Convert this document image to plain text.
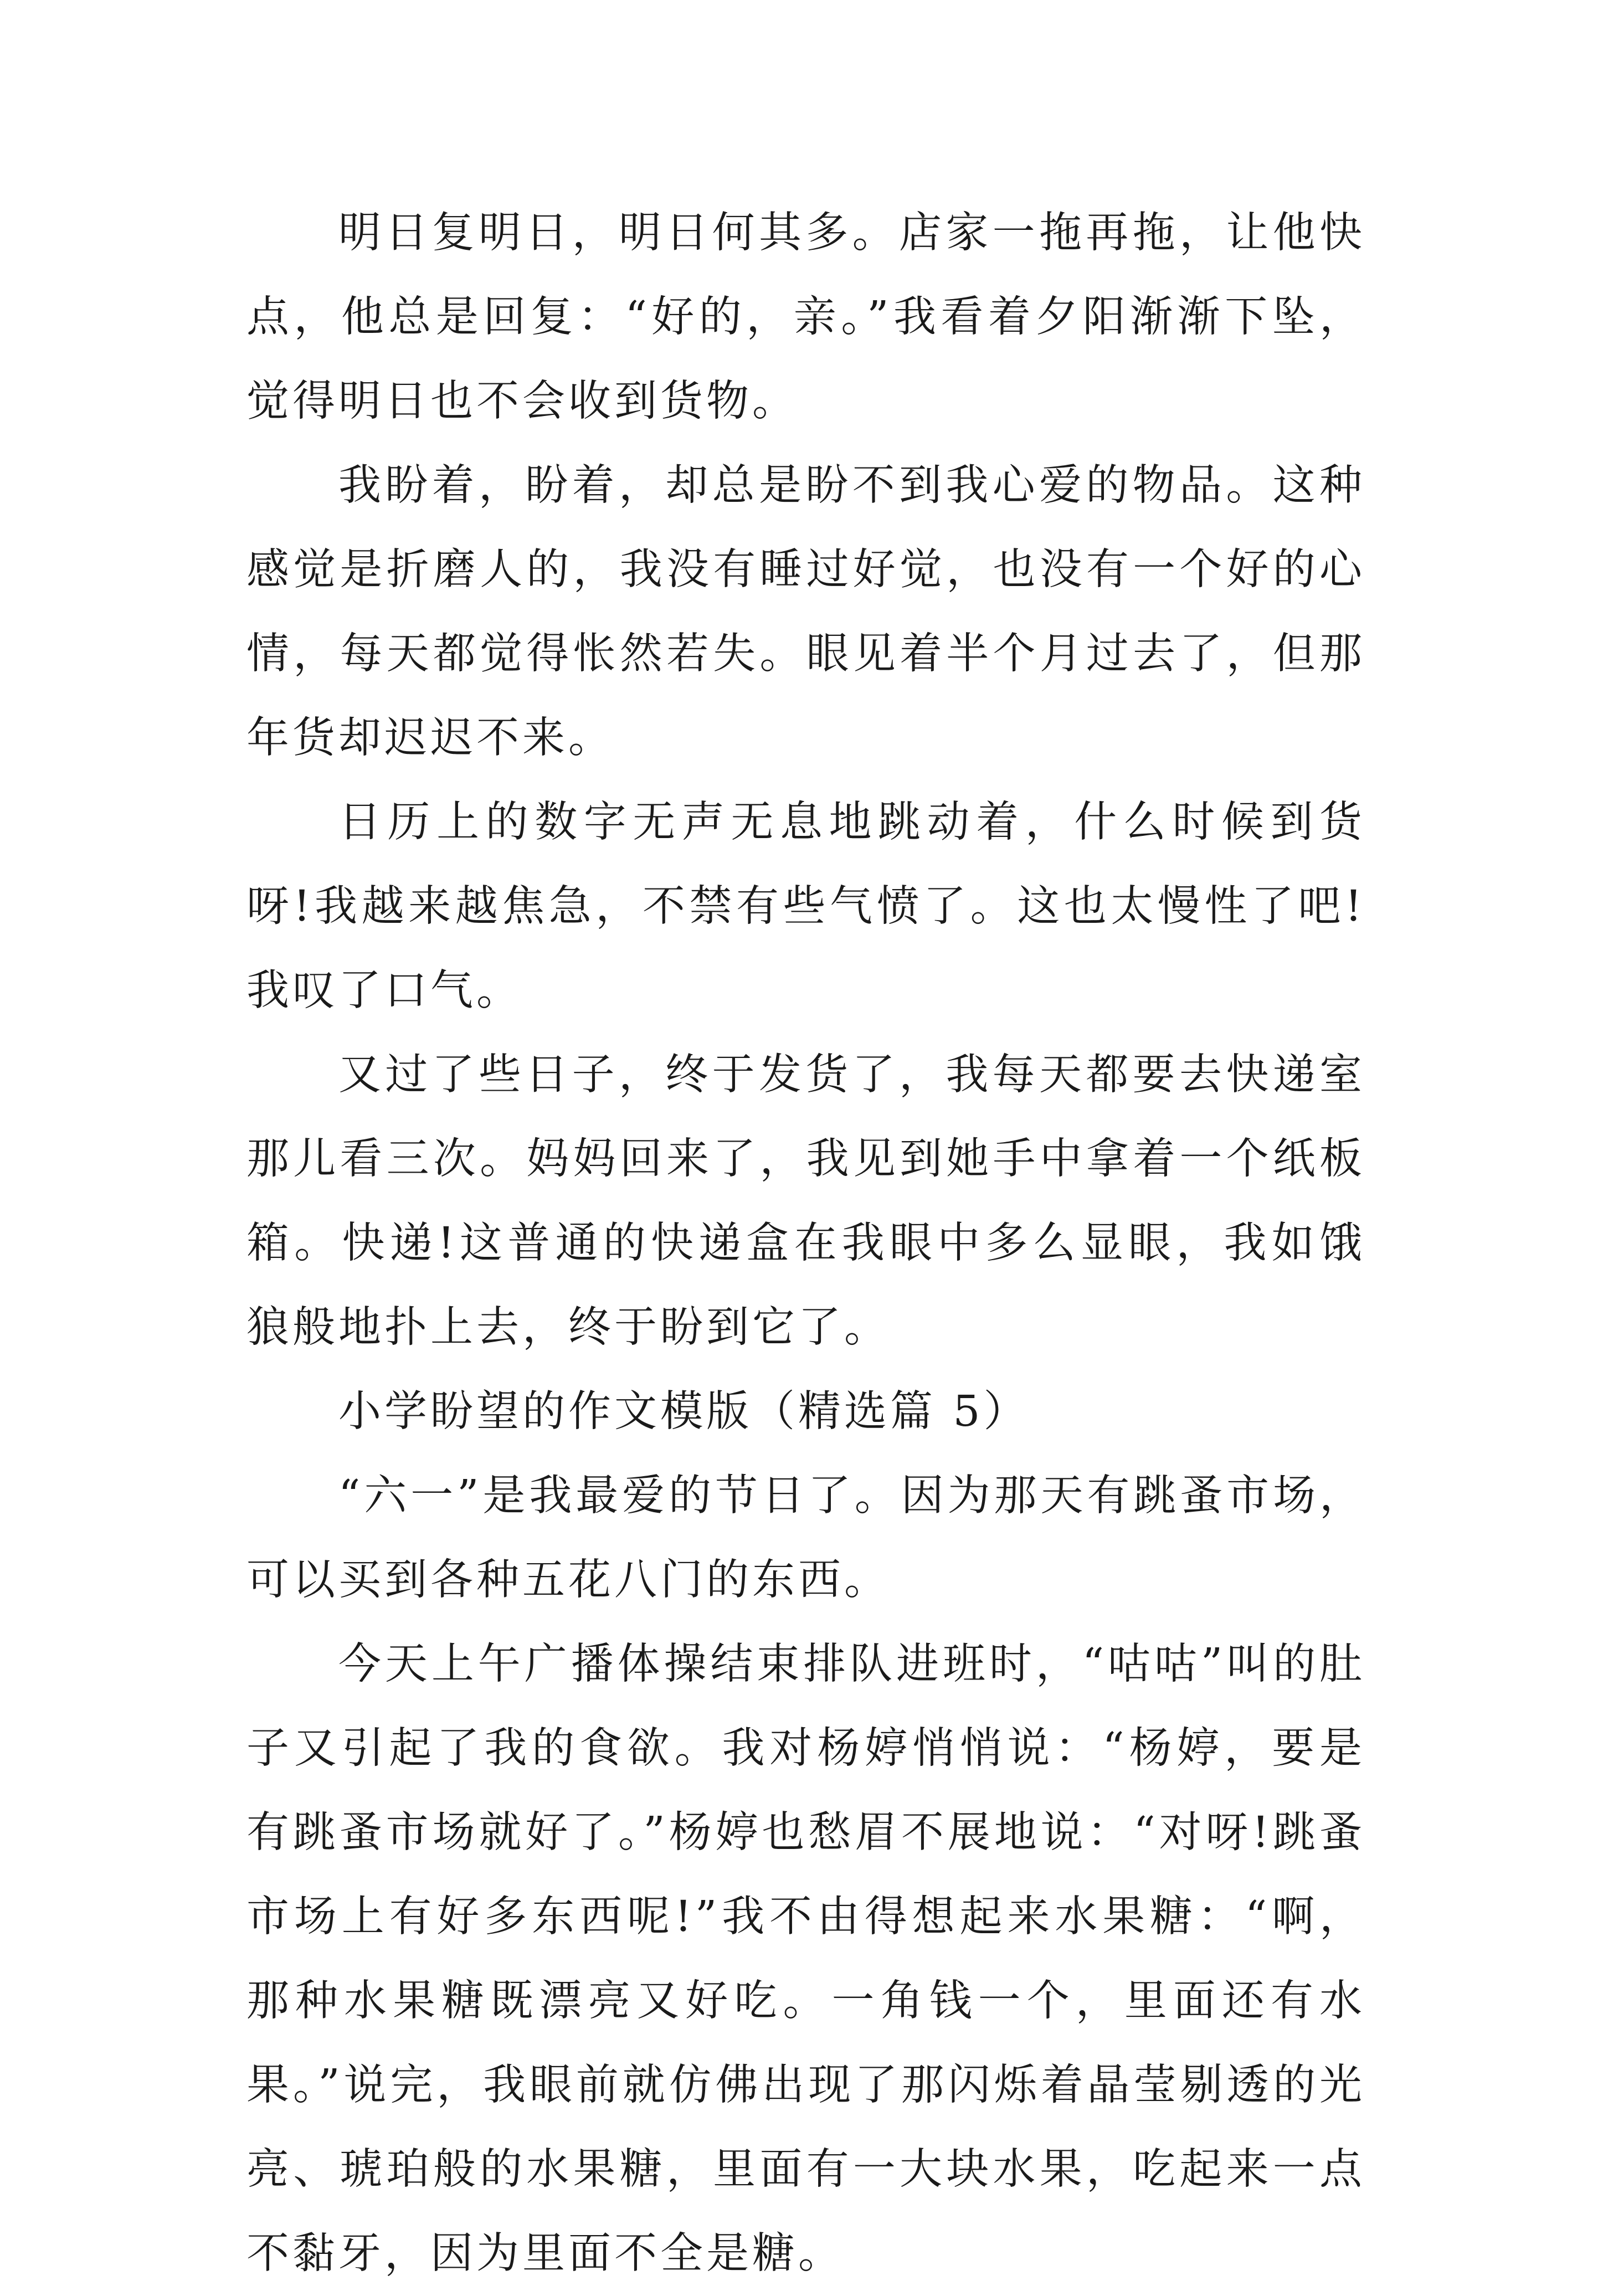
明日复明日，明日何其多。店家一拖再拖，让他快点，他总是回复：“好的，亲。”我看着夕阳渐渐下坠，觉得明日也不会收到货物。

我盼着，盼着，却总是盼不到我心爱的物品。这种感觉是折磨人的，我没有睡过好觉，也没有一个好的心情，每天都觉得怅然若失。眼见着半个月过去了，但那年货却迟迟不来。

日历上的数字无声无息地跳动着，什么时候到货呀!我越来越焦急，不禁有些气愤了。这也太慢性了吧!我叹了口气。

又过了些日子，终于发货了，我每天都要去快递室那儿看三次。妈妈回来了，我见到她手中拿着一个纸板箱。快递!这普通的快递盒在我眼中多么显眼，我如饿狼般地扑上去，终于盼到它了。

小学盼望的作文模版（精选篇 5）

“六一”是我最爱的节日了。因为那天有跳蚤市场，可以买到各种五花八门的东西。

今天上午广播体操结束排队进班时，“咕咕”叫的肚子又引起了我的食欲。我对杨婷悄悄说：“杨婷，要是有跳蚤市场就好了。”杨婷也愁眉不展地说：“对呀!跳蚤市场上有好多东西呢!”我不由得想起来水果糖：“啊，那种水果糖既漂亮又好吃。一角钱一个，里面还有水果。”说完，我眼前就仿佛出现了那闪烁着晶莹剔透的光亮、琥珀般的水果糖，里面有一大块水果，吃起来一点不黏牙，因为里面不全是糖。
